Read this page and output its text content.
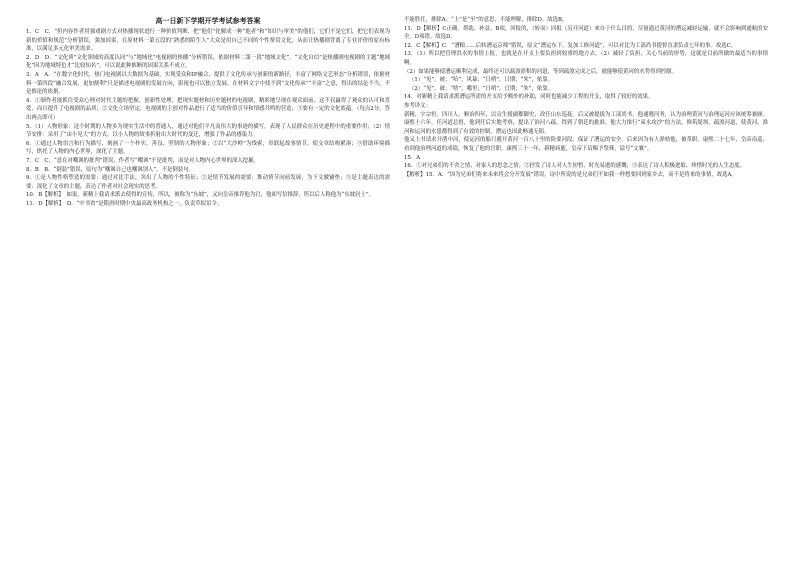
高一日新下学期开学考试参考答案

1．C　C．“但内容作者用强戏剧方式对热播现状进行一种价值判断，把“他们”化解成一种“他者”和“知识与审美”的他们，它们不是它们，把它们表现为新的价值和规范”分析错误，强加因果。在原材料一第五段的“熟悉的陌生人”大众是用自己不同的个性鉴赏文化，从而让热播剧背离了专业评价的原有标准，以满足多元化审美需求。

2．D　D．“文化质”文化领域的高度认同”与“地域化”电视剧的热播”分析错误，依据材料二第一段“地域文化”，“文化自信”是热播剧电视剧的主题“地域化”因为地域特色才“比较知名”，可以说此种推断的因果关系不成立。

3．A　A．“在数字化时代，热门电视剧以大数据为基础，实现受众和IP融合，提供了文化传承与创新的新路径，丰富了网络文艺形态”分析错误，依据材料一第四段“融合发展，更加便利”只是描述电视剧的发展方向，影视也可以独立发展，在材料文字中找不到“文化传承”“丰富”之意，得出的结论不当，不是推论的依据。

4．①制作者能抓住受众心理对时代主题的把握，创新性处理，把现实题材和历史题材的电视剧，精彩地呈现在观众面前，这不仅赢得了观众的认可和喜爱，而且提升了电视剧的品质；②文化立场坚定，电视剧的主创对作品进行了适当的价值引导和情感共鸣的营造；③要有一定的文化底蕴。（每点2分，答出两点即可）

5．（1）人物形象：这个时期的人物多为现实生活中的普通人，通过对他们平凡而伟大的事迹的描写，表现了人民群众在历史进程中的重要作用；（2）情节安排：采用了“由小见大”的方式，以小人物的故事折射出大时代的变迁，增强了作品的感染力。

6．①通过人物语言和行为描写，刻画了一个朴实、善良、坚韧的人物形象；②以“大沙岭”为线索，串联起故事情节，使文章结构紧凑；③借助环境描写，烘托了人物的内心世界，深化了主题。

7．C　C．“意在对嘲讽的批判”错误，作者写“嘲讽”不是批判，而是对人物内心世界的深入挖掘。

8．B　B．“倒装”错误，原句为“嘲讽自己也嘲讽别人”，不是倒装句。

9．①是人物性格塑造的需要：通过对比手法，突出了人物的个性特征；②是情节发展的需要：推动情节向前发展，为下文做铺垫；③是主题表达的需要：深化了文章的主题，表达了作者对社会现实的思考。

10．B【解析】　如果，新精上我请求派去使得的宣传，所以，被称为“东坡”，又向皇帝推荐他为官，他却写信推辞，所以后人称他为“东坡居士”。

11．D【解析】　D．“中书省”是隋唐时期中央最高政务机构之一，负责草拟诏令。

不能胜任，排除A；“上”是“至”的意思，不能理解，排除D。故选B。

11．D【解析】C正确。帮助、补益。B项，回报的，（转而）回报（另开河道）来自于什么目的，尽量通过黄河的漕运减轻运输，就不会影响到通航的安全。D项错。故选D。

12．C【解析】C．“漕粮……后转漕运京师”错误，原文“漕运东下，复加工修河道”，可以对比为工部尚书提督直隶负责七年的事。故选C。

13．（1）所以把管理洪水的事情上报，也就是在开支上要负担到较重的地方去。（2）减轻了负担，关心当前的形势，这就是目前所做的最适当的事情啊。

（2）如果能够使漕运顺利完成，最终还可以疏浚淤积的河道，等到疏浚完成之后，就能够使黄河的水势得到控制。

（1）“见”，被；“哈”，风暴；“日哨”，日期；“朱”，依靠。

（2）“见”，被；“啥”，哪里；“日哨”，日期；“朱”，依靠。

14．对新精上我请求派漕运所需的开支给予额外的补助，同时也能减少工程的开支，取得了较好的效果。

参考译文：

新精，字宗恒，四川人。顺治四年，以贡生授副都御史，改任山东巡抚。后又被提拔为工部尚书。他通晓河务，认为治理黄河与治理运河应该统筹兼顾。康熙十六年，任河道总督，他到任后实地考察，提出了治河八疏，得到了朝廷的批准。他大力推行“束水攻沙”的方法，修筑堤坝，疏浚河道，使黄河、淮河和运河的水患都得到了有效的控制，漕运也因此畅通无阻。

他又上书请求开凿中河，使运河的船只避开黄河一百八十里的险要河段，保证了漕运的安全。后来因为有人弹劾他，被革职。康熙二十七年，皇帝南巡，看到他治理河道的成绩，恢复了他的官职。康熙三十一年，新精病逝，皇帝下诏赐予祭葬，谥号“文襄”。

15．A

16．①对兄弟们的不舍之情、对家人的思念之情；②抒发了诗人对人生短暂、时光易逝的感慨；③表达了诗人积极进取、珍惜时光的人生态度。

【解析】15．A．“因为兄弟们将来未来将会分开发展”错误，诗中所说的是兄弟们不如我一样想要回到家乡去，而不是将来的事情，故选A。
